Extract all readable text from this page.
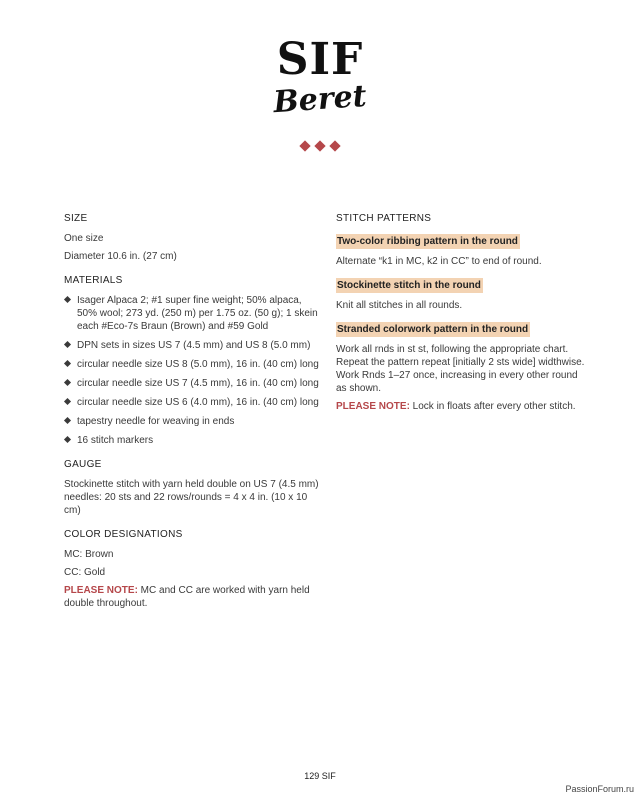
SIF
Beret
SIZE
One size
Diameter 10.6 in. (27 cm)
MATERIALS
Isager Alpaca 2; #1 super fine weight; 50% alpaca, 50% wool; 273 yd. (250 m) per 1.75 oz. (50 g); 1 skein each #Eco-7s Braun (Brown) and #59 Gold
DPN sets in sizes US 7 (4.5 mm) and US 8 (5.0 mm)
circular needle size US 8 (5.0 mm), 16 in. (40 cm) long
circular needle size US 7 (4.5 mm), 16 in. (40 cm) long
circular needle size US 6 (4.0 mm), 16 in. (40 cm) long
tapestry needle for weaving in ends
16 stitch markers
GAUGE
Stockinette stitch with yarn held double on US 7 (4.5 mm) needles: 20 sts and 22 rows/rounds = 4 x 4 in. (10 x 10 cm)
COLOR DESIGNATIONS
MC: Brown
CC: Gold
PLEASE NOTE: MC and CC are worked with yarn held double throughout.
STITCH PATTERNS
Two-color ribbing pattern in the round
Alternate “k1 in MC, k2 in CC” to end of round.
Stockinette stitch in the round
Knit all stitches in all rounds.
Stranded colorwork pattern in the round
Work all rnds in st st, following the appropriate chart. Repeat the pattern repeat [initially 2 sts wide] widthwise. Work Rnds 1–27 once, increasing in every other round as shown.
PLEASE NOTE: Lock in floats after every other stitch.
129 SIF
PassionForum.ru
